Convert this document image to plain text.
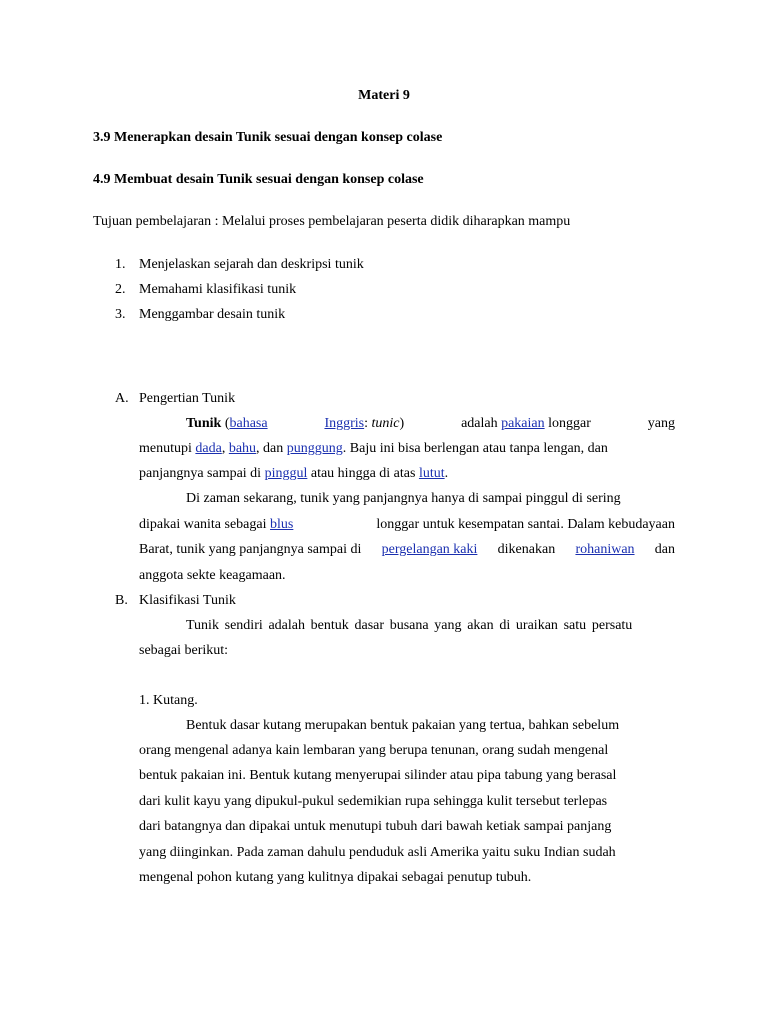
Materi 9
3.9 Menerapkan desain Tunik sesuai dengan konsep colase
4.9 Membuat desain Tunik sesuai dengan konsep colase
Tujuan pembelajaran : Melalui proses pembelajaran peserta didik diharapkan mampu
1. Menjelaskan sejarah dan deskripsi tunik
2. Memahami klasifikasi tunik
3. Menggambar desain tunik
A. Pengertian Tunik
Tunik (bahasa	Inggris: tunic)	adalah pakaian longgar	yang
menutupi dada, bahu, dan punggung. Baju ini bisa berlengan atau tanpa lengan, dan
panjangnya sampai di pinggul atau hingga di atas lutut.
Di zaman sekarang, tunik yang panjangnya hanya di sampai pinggul di sering
dipakai wanita sebagai blus	longgar untuk kesempatan santai. Dalam kebudayaan
Barat, tunik yang panjangnya sampai di pergelangan kaki dikenakan rohaniwan dan
anggota sekte keagamaan.
B. Klasifikasi Tunik
Tunik sendiri adalah bentuk dasar busana yang akan di uraikan satu persatu
sebagai berikut:
1. Kutang.
Bentuk dasar kutang merupakan bentuk pakaian yang tertua, bahkan sebelum
orang mengenal adanya kain lembaran yang berupa tenunan, orang sudah mengenal
bentuk pakaian ini. Bentuk kutang menyerupai silinder atau pipa tabung yang berasal
dari kulit kayu yang dipukul-pukul sedemikian rupa sehingga kulit tersebut terlepas
dari batangnya dan dipakai untuk menutupi tubuh dari bawah ketiak sampai panjang
yang diinginkan. Pada zaman dahulu penduduk asli Amerika yaitu suku Indian sudah
mengenal pohon kutang yang kulitnya dipakai sebagai penutup tubuh.
